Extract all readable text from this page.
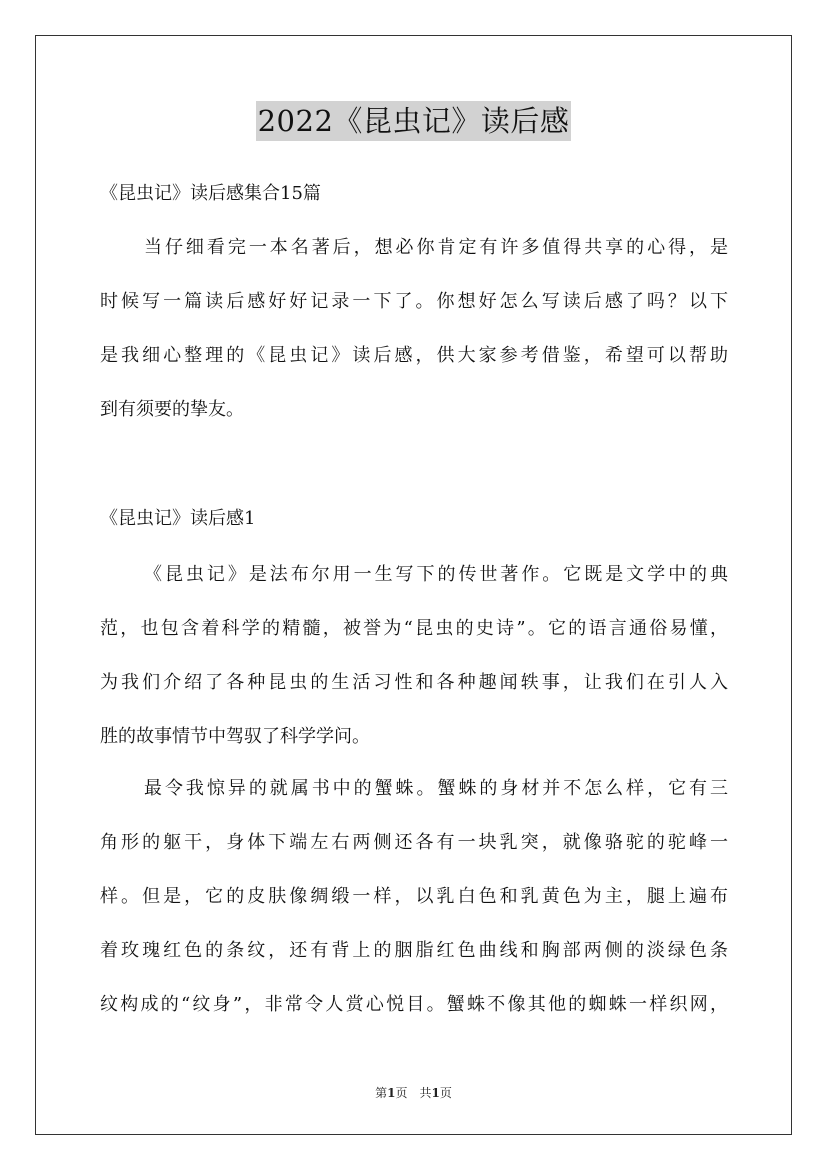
2022《昆虫记》读后感
《昆虫记》读后感集合15篇
当仔细看完一本名著后，想必你肯定有许多值得共享的心得，是
时候写一篇读后感好好记录一下了。你想好怎么写读后感了吗？以下
是我细心整理的《昆虫记》读后感，供大家参考借鉴，希望可以帮助
到有须要的挚友。
《昆虫记》读后感1
《昆虫记》是法布尔用一生写下的传世著作。它既是文学中的典
范，也包含着科学的精髓，被誉为“昆虫的史诗”。它的语言通俗易懂，
为我们介绍了各种昆虫的生活习性和各种趣闻轶事，让我们在引人入
胜的故事情节中驾驭了科学学问。
最令我惊异的就属书中的蟹蛛。蟹蛛的身材并不怎么样，它有三
角形的躯干，身体下端左右两侧还各有一块乳突，就像骆驼的驼峰一
样。但是，它的皮肤像绸缎一样，以乳白色和乳黄色为主，腿上遍布
着玫瑰红色的条纹，还有背上的胭脂红色曲线和胸部两侧的淡绿色条
纹构成的“纹身”，非常令人赏心悦目。蟹蛛不像其他的蜘蛛一样织网，
第1页　共1页
